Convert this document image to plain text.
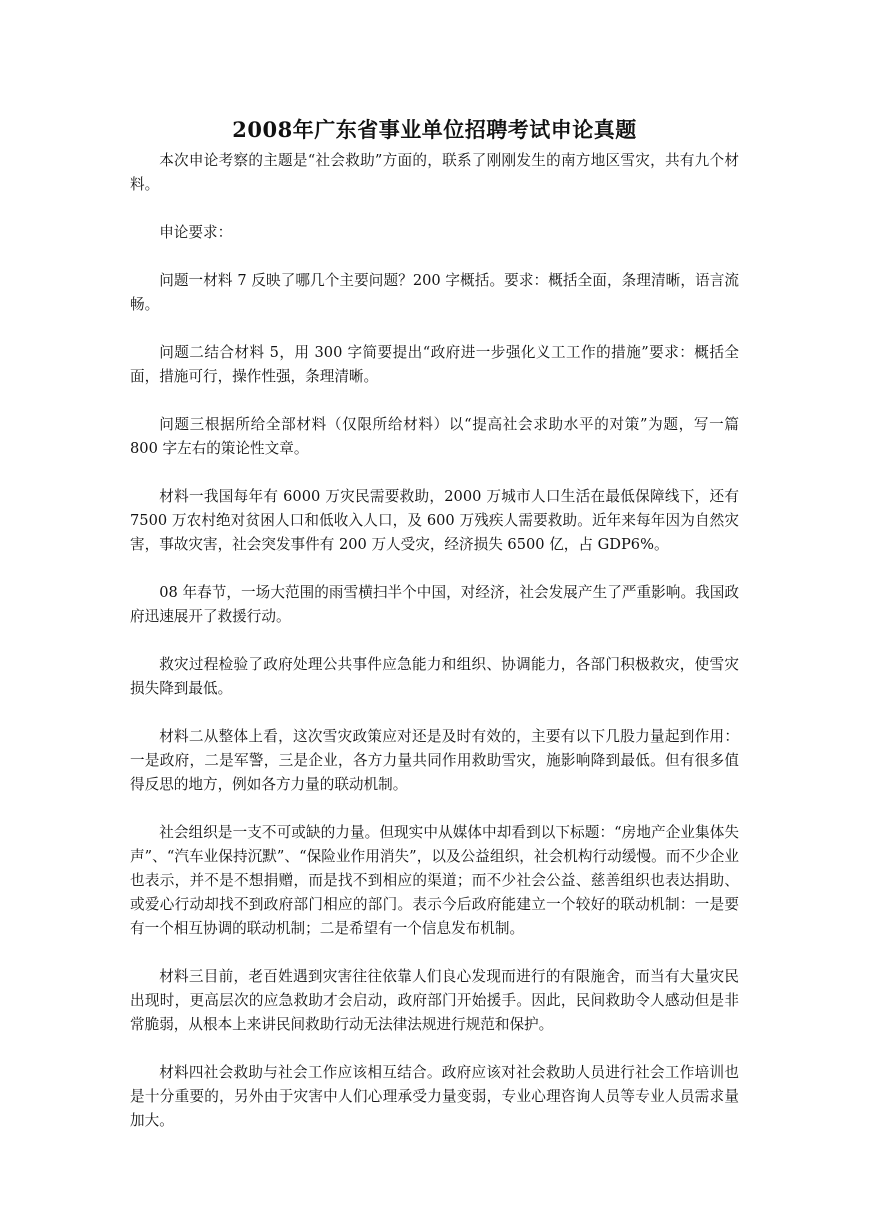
2008年广东省事业单位招聘考试申论真题

本次申论考察的主题是“社会救助”方面的，联系了刚刚发生的南方地区雪灾，共有九个材料。

申论要求：

问题一材料 7 反映了哪几个主要问题？200 字概括。要求：概括全面，条理清晰，语言流畅。

问题二结合材料 5，用 300 字简要提出“政府进一步强化义工工作的措施”要求：概括全面，措施可行，操作性强，条理清晰。

问题三根据所给全部材料（仅限所给材料）以“提高社会求助水平的对策”为题，写一篇 800 字左右的策论性文章。

材料一我国每年有 6000 万灾民需要救助，2000 万城市人口生活在最低保障线下，还有 7500 万农村绝对贫困人口和低收入人口，及 600 万残疾人需要救助。近年来每年因为自然灾害，事故灾害，社会突发事件有 200 万人受灾，经济损失 6500 亿，占 GDP6%。

08 年春节，一场大范围的雨雪横扫半个中国，对经济，社会发展产生了严重影响。我国政府迅速展开了救援行动。

救灾过程检验了政府处理公共事件应急能力和组织、协调能力，各部门积极救灾，使雪灾损失降到最低。

材料二从整体上看，这次雪灾政策应对还是及时有效的，主要有以下几股力量起到作用：一是政府，二是军警，三是企业，各方力量共同作用救助雪灾，施影响降到最低。但有很多值得反思的地方，例如各方力量的联动机制。

社会组织是一支不可或缺的力量。但现实中从媒体中却看到以下标题：“房地产企业集体失声”、“汽车业保持沉默”、“保险业作用消失”，以及公益组织，社会机构行动缓慢。而不少企业也表示，并不是不想捐赠，而是找不到相应的渠道；而不少社会公益、慈善组织也表达捐助、或爱心行动却找不到政府部门相应的部门。表示今后政府能建立一个较好的联动机制：一是要有一个相互协调的联动机制；二是希望有一个信息发布机制。

材料三目前，老百姓遇到灾害往往依靠人们良心发现而进行的有限施舍，而当有大量灾民出现时，更高层次的应急救助才会启动，政府部门开始援手。因此，民间救助令人感动但是非常脆弱，从根本上来讲民间救助行动无法律法规进行规范和保护。

材料四社会救助与社会工作应该相互结合。政府应该对社会救助人员进行社会工作培训也是十分重要的，另外由于灾害中人们心理承受力量变弱，专业心理咨询人员等专业人员需求量加大。
